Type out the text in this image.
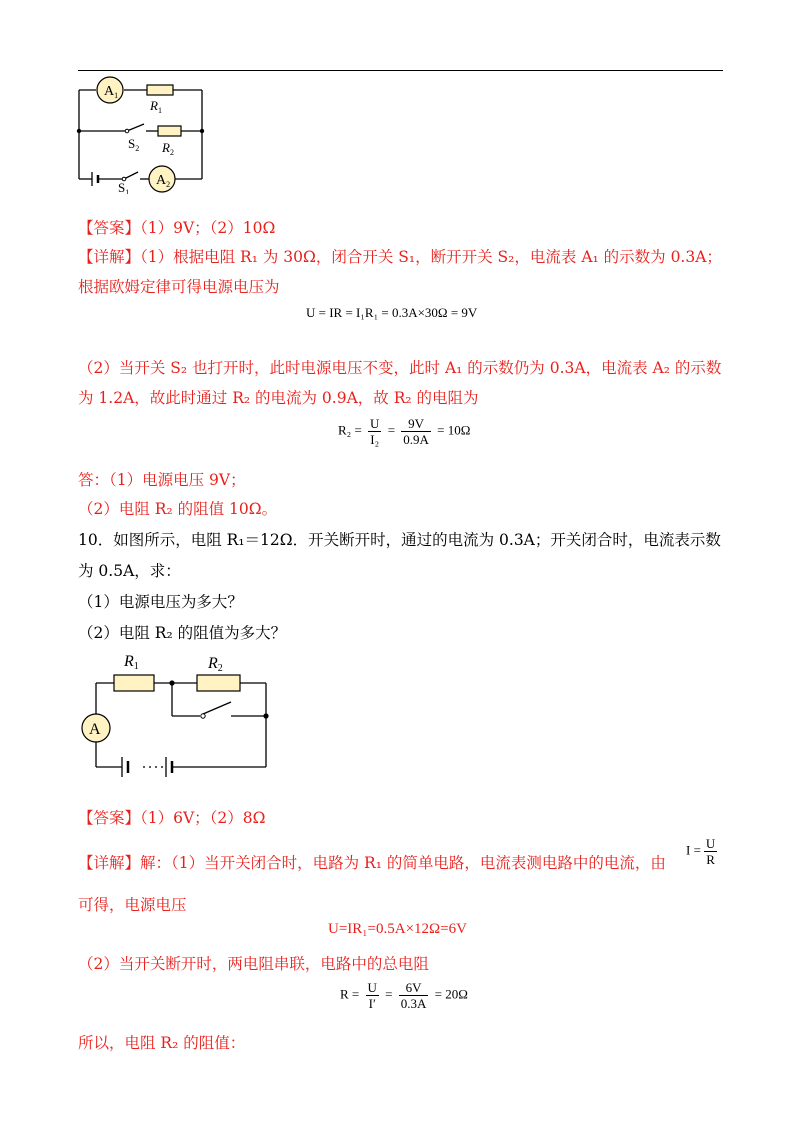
$A_1$
$A_2$
$R_1$
$S_2$ $R_2$
$S_1$
【答案】（1）9V；（2）10Ω
【详解】（1）根据电阻 R₁ 为 30Ω，闭合开关 S₁，断开开关 S₂，电流表 A₁ 的示数为 0.3A；
根据欧姆定律可得电源电压为
U = IR = I₁R₁ = 0.3A×30Ω = 9V
（2）当开关 S₂ 也打开时，此时电源电压不变，此时 A₁ 的示数仍为 0.3A，电流表 A₂ 的示数
为 1.2A，故此时通过 R₂ 的电流为 0.9A，故 R₂ 的电阻为
$R_2 = \frac{U}{\text{I₂}} = \frac{9V}{0.9A} = 10\Omega$
答：（1）电源电压 9V；
（2）电阻 R₂ 的阻值 10Ω。
10．如图所示，电阻 R₁＝12Ω．开关断开时，通过的电流为 0.3A；开关闭合时，电流表示数
为 0.5A，求：
（1）电源电压为多大？
（2）电阻 R₂ 的阻值为多大？
A
R1	R2
【答案】（1）6V；（2）8Ω
【详解】解：（1）当开关闭合时，电路为 R₁ 的简单电路，电流表测电路中的电流，由
$I = \frac{U}{R}$
可得，电源电压
U=IR₁=0.5A×12Ω=6V
（2）当开关断开时，两电阻串联，电路中的总电阻
$R = \frac{U}{I'} = \frac{6V}{0.3A} = 20\Omega$
所以，电阻 R₂ 的阻值：
